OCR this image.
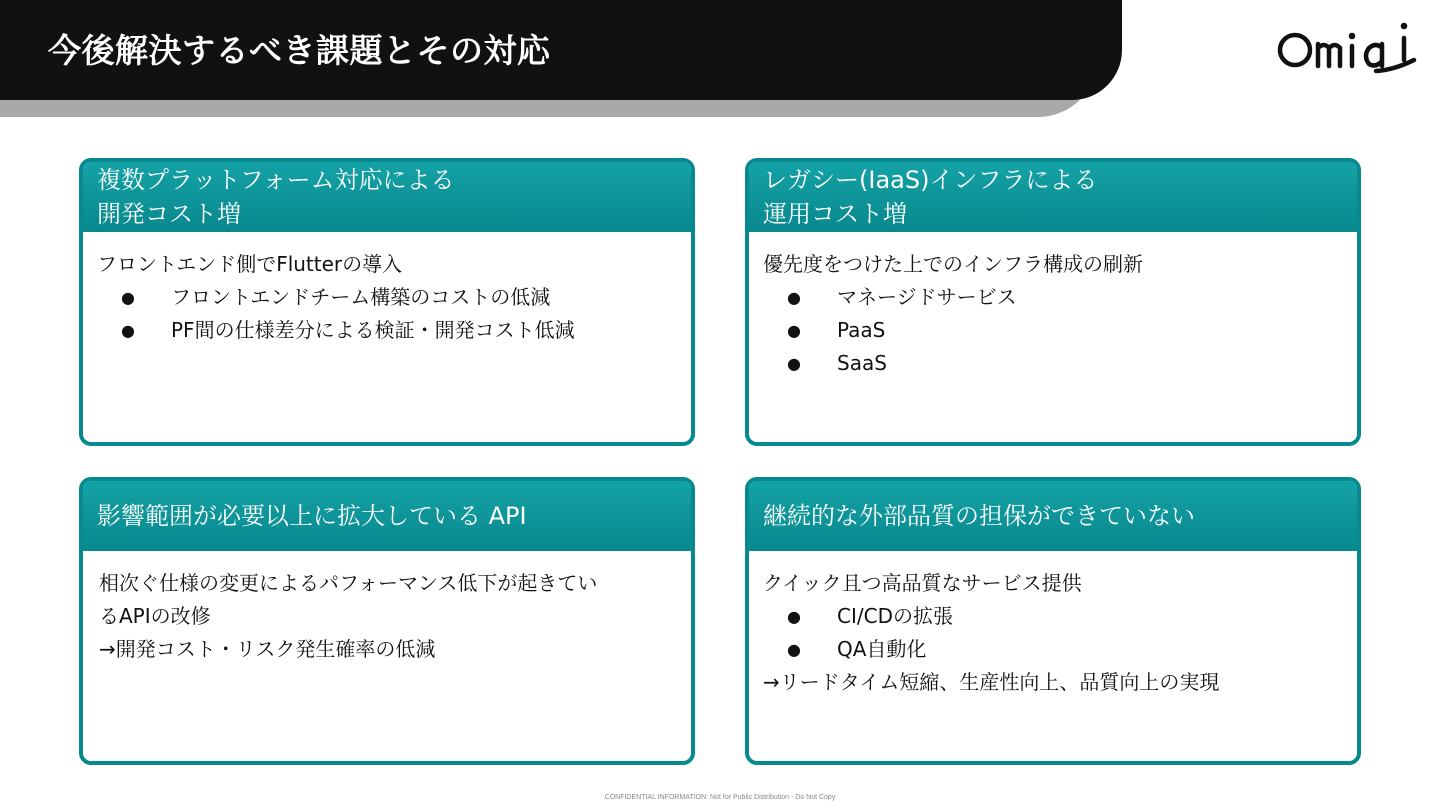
今後解決するべき課題とその対応
複数プラットフォーム対応による
開発コスト増
フロントエンド側でFlutterの導入
●	フロントエンドチーム構築のコストの低減
●	PF間の仕様差分による検証・開発コスト低減
レガシー(IaaS)インフラによる
運用コスト増
優先度をつけた上でのインフラ構成の刷新
●	マネージドサービス
●	PaaS
●	SaaS
影響範囲が必要以上に拡大している API
相次ぐ仕様の変更によるパフォーマンス低下が起きてい
るAPIの改修
→開発コスト・リスク発生確率の低減
継続的な外部品質の担保ができていない
クイック且つ高品質なサービス提供
●	CI/CDの拡張
●	QA自動化
→リードタイム短縮、生産性向上、品質向上の実現
CONFIDENTIAL INFORMATION: Not for Public Distribution - Do Not Copy
